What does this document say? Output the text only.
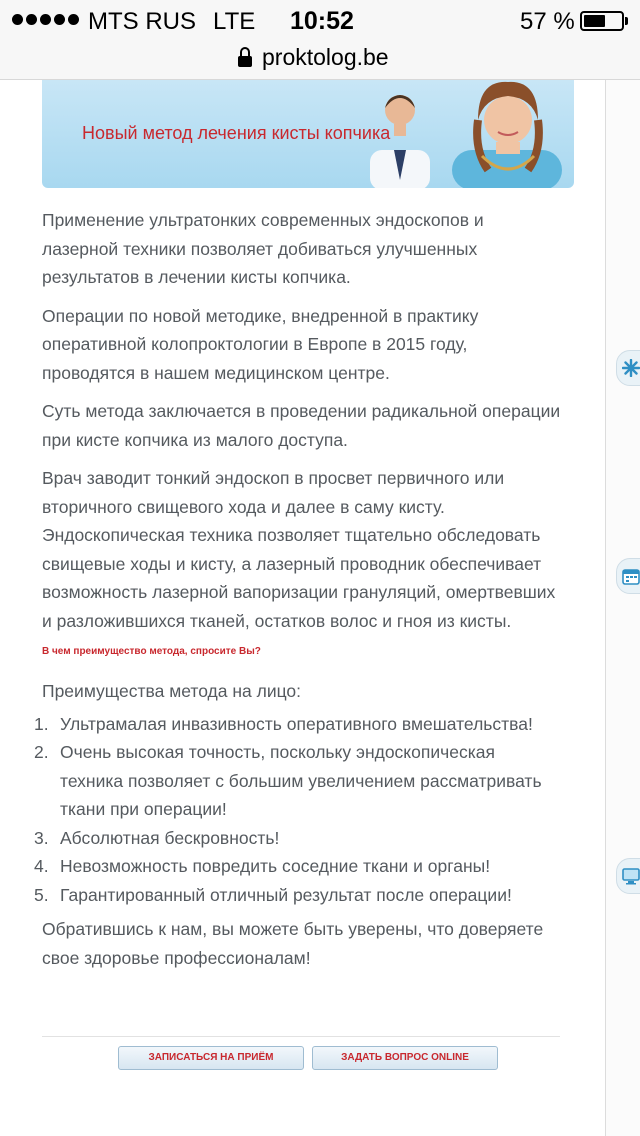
MTS RUS LTE 10:52	57 %
proktolog.be
Новый метод лечения кисты копчика

Применение ультратонких современных эндоскопов и лазерной техники позволяет добиваться улучшенных результатов в лечении кисты копчика.

Операции по новой методике, внедренной в практику оперативной колопроктологии в Европе в 2015 году, проводятся в нашем медицинском центре.

Суть метода заключается в проведении радикальной операции при кисте копчика из малого доступа.

Врач заводит тонкий эндоскоп в просвет первичного или вторичного свищевого хода и далее в саму кисту. Эндоскопическая техника позволяет тщательно обследовать свищевые ходы и кисту, а лазерный проводник обеспечивает возможность лазерной вапоризации грануляций, омертвевших и разложившихся тканей, остатков волос и гноя из кисты.

В чем преимущество метода, спросите Вы?

Преимущества метода на лицо:

1. Ультрамалая инвазивность оперативного вмешательства!
2. Очень высокая точность, поскольку эндоскопическая техника позволяет с большим увеличением рассматривать ткани при операции!
3. Абсолютная бескровность!
4. Невозможность повредить соседние ткани и органы!
5. Гарантированный отличный результат после операции!

Обратившись к нам, вы можете быть уверены, что доверяете свое здоровье профессионалам!

ЗАПИСАТЬСЯ НА ПРИЁМ	ЗАДАТЬ ВОПРОС ONLINE
